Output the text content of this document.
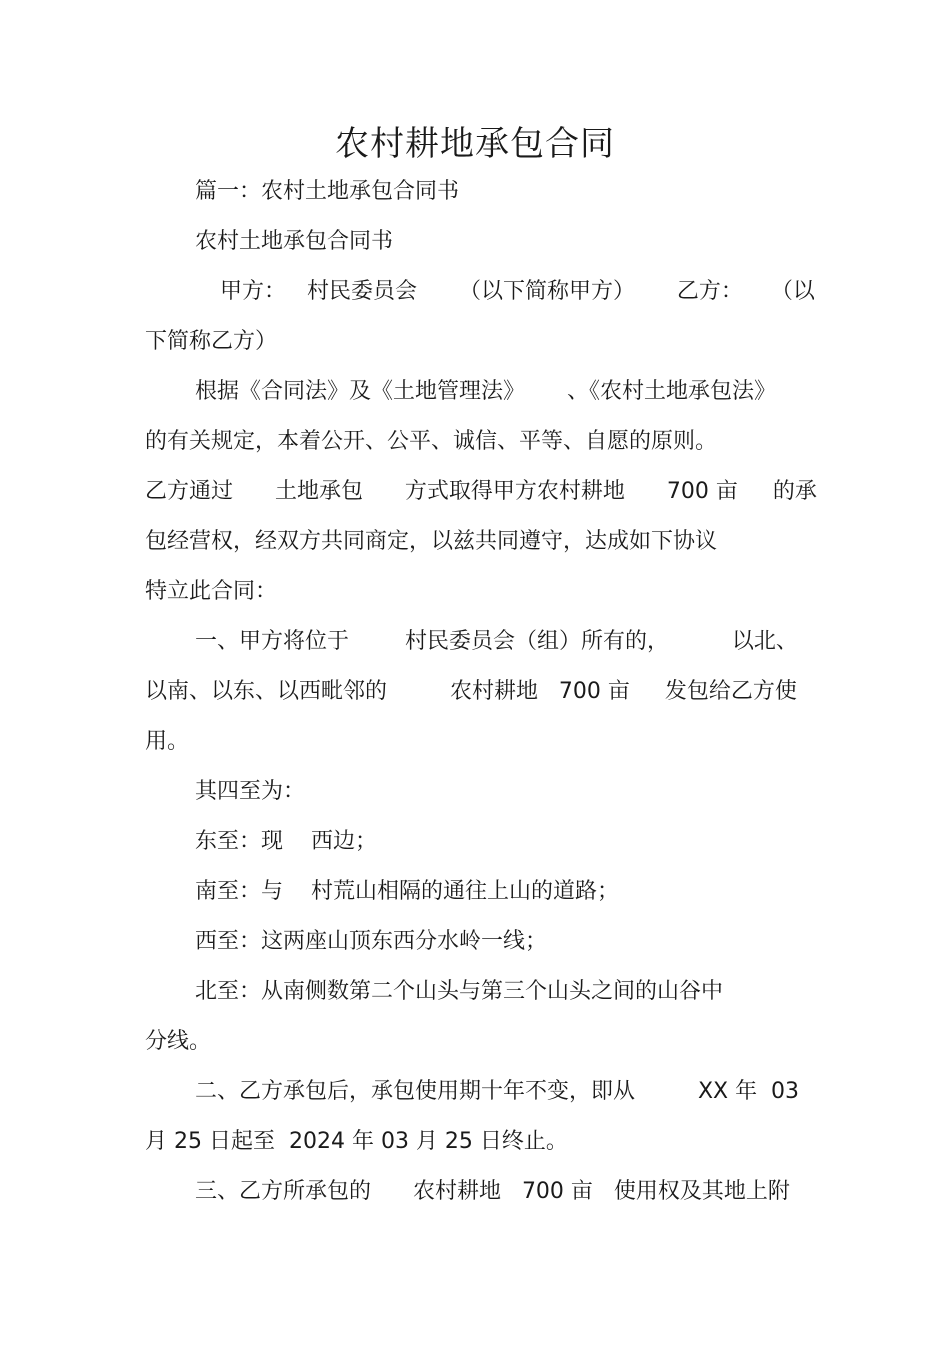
农村耕地承包合同
篇一：农村土地承包合同书
农村土地承包合同书
甲方：   村民委员会      （以下简称甲方）      乙方：    （以
下简称乙方）
根据《合同法》及《土地管理法》      、《农村土地承包法》
的有关规定，本着公开、公平、诚信、平等、自愿的原则。
乙方通过      土地承包      方式取得甲方农村耕地      700 亩     的承
包经营权，经双方共同商定，以兹共同遵守，达成如下协议
特立此合同：
一、甲方将位于        村民委员会（组）所有的，         以北、
以南、以东、以西毗邻的         农村耕地   700 亩     发包给乙方使
用。
其四至为：
东至：现    西边；
南至：与    村荒山相隔的通往上山的道路；
西至：这两座山顶东西分水岭一线；
北至：从南侧数第二个山头与第三个山头之间的山谷中
分线。
二、乙方承包后，承包使用期十年不变，即从         XX 年  03
月 25 日起至  2024 年 03 月 25 日终止。
三、乙方所承包的      农村耕地   700 亩   使用权及其地上附
